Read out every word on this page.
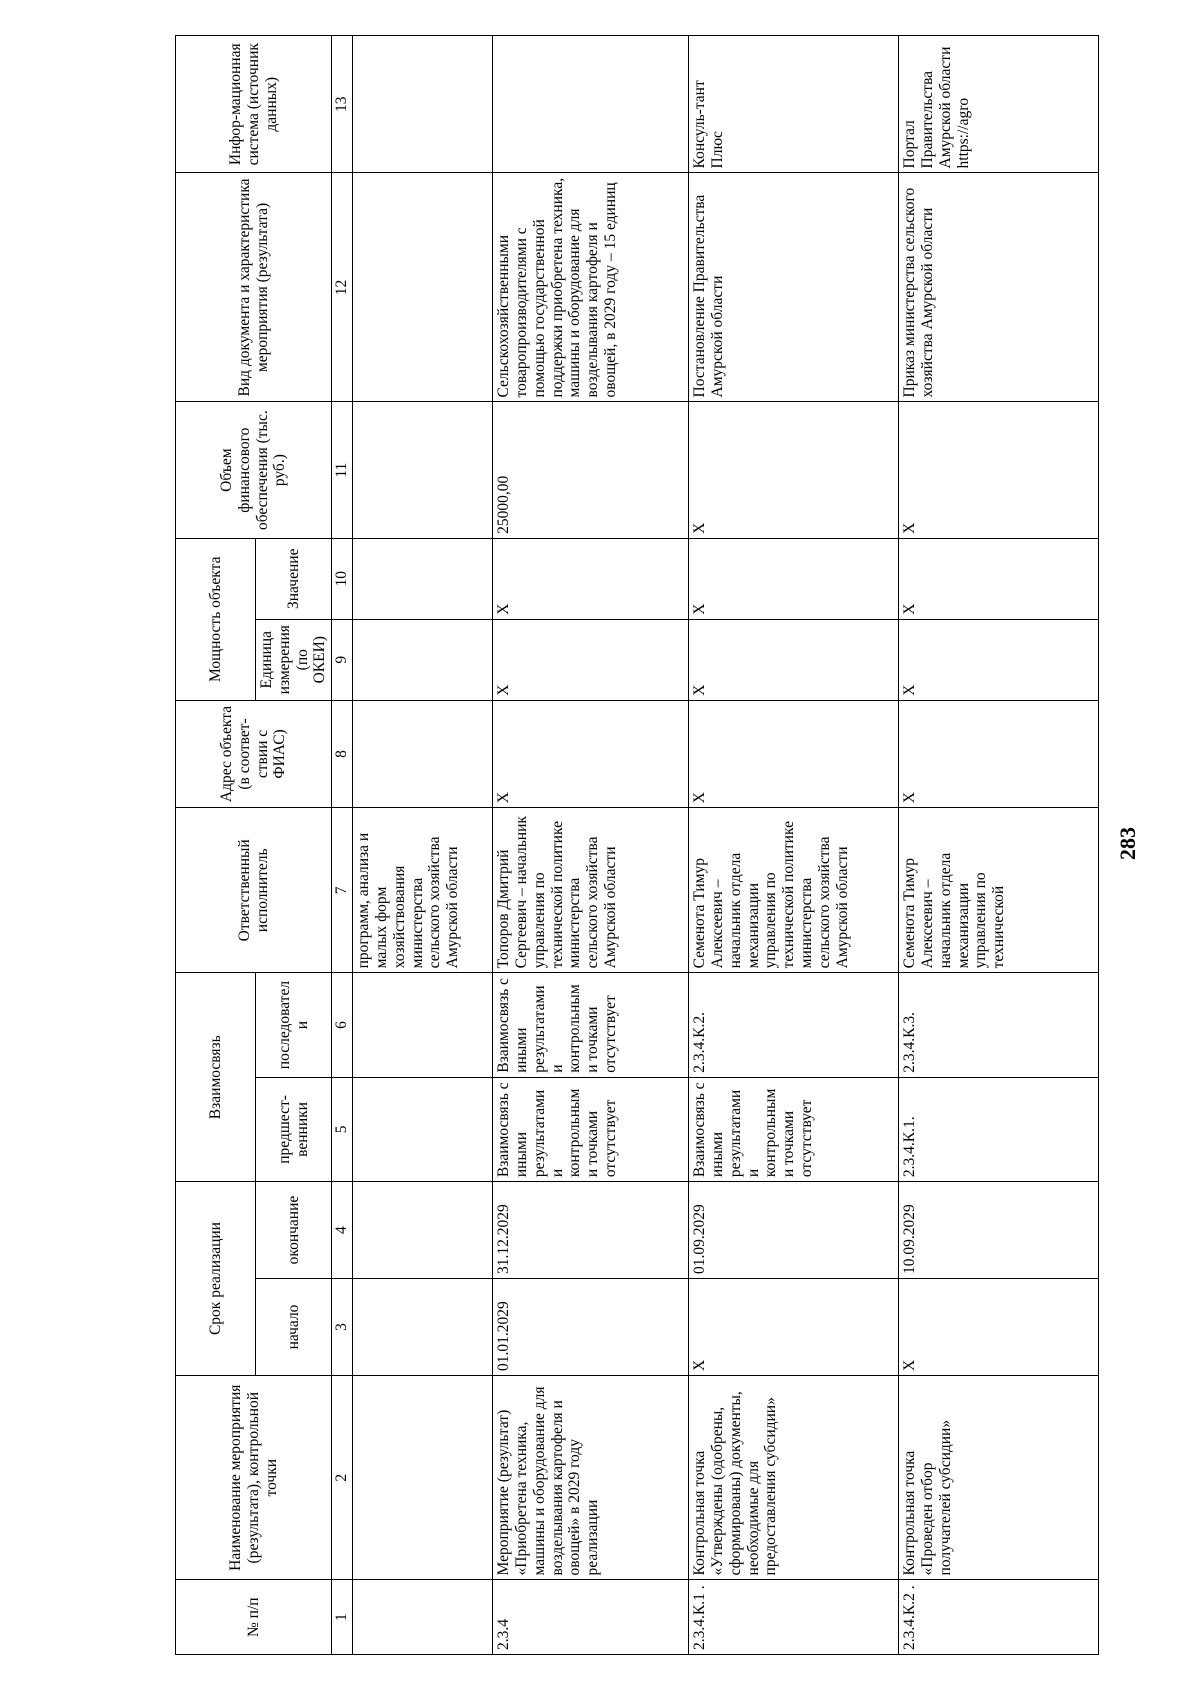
283
№ п/п	Наименование мероприятия (результата), контрольной точки	Срок реализации		Взаимосвязь		Ответственный исполнитель	Адрес объекта (в соответ-ствии с ФИАС)	Мощность объекта		Объем финансового обеспечения (тыс. руб.)	Вид документа и характеристика мероприятия (результата)	Инфор-мационная система (источник данных)
		начало	окончание	предшест-венники	последователи			Единица измерения (по ОКЕИ)	Значение			
1	2	3	4	5	6	7	8	9	10	11	12	13
						программ, анализа и малых форм хозяйствования министерства сельского хозяйства Амурской области						
2.3.4	Мероприятие (результат) «Приобретена техника, машины и оборудование для возделывания картофеля и овощей» в 2029 году реализации	01.01.2029	31.12.2029	Взаимосвязь с иными результатами и контрольными точками отсутствует	Взаимосвязь с иными результатами и контрольными точками отсутствует	Топоров Дмитрий Сергеевич – начальник управления по технической политике министерства сельского хозяйства Амурской области	X	X	X	25000,00	Сельскохозяйственными товаропроизводителями с помощью государственной поддержки приобретена техника, машины и оборудование для возделывания картофеля и овощей, в 2029 году – 15 единиц	
2.3.4.К.1 .	Контрольная точка «Утверждены (одобрены, сформированы) документы, необходимые для предоставления субсидии»	X	01.09.2029	Взаимосвязь с иными результатами и контрольными точками отсутствует	2.3.4.К.2.	Семенота Тимур Алексеевич – начальник отдела механизации управления по технической политике министерства сельского хозяйства Амурской области	X	X	X	X	Постановление Правительства Амурской области	Консуль-тант Плюс
2.3.4.К.2 .	Контрольная точка «Проведен отбор получателей субсидии»	X	10.09.2029	2.3.4.К.1.	2.3.4.К.3.	Семенота Тимур Алексеевич – начальник отдела механизации управления по технической	X	X	X	X	Приказ министерства сельского хозяйства Амурской области	Портал Правительства Амурской области https://agro
